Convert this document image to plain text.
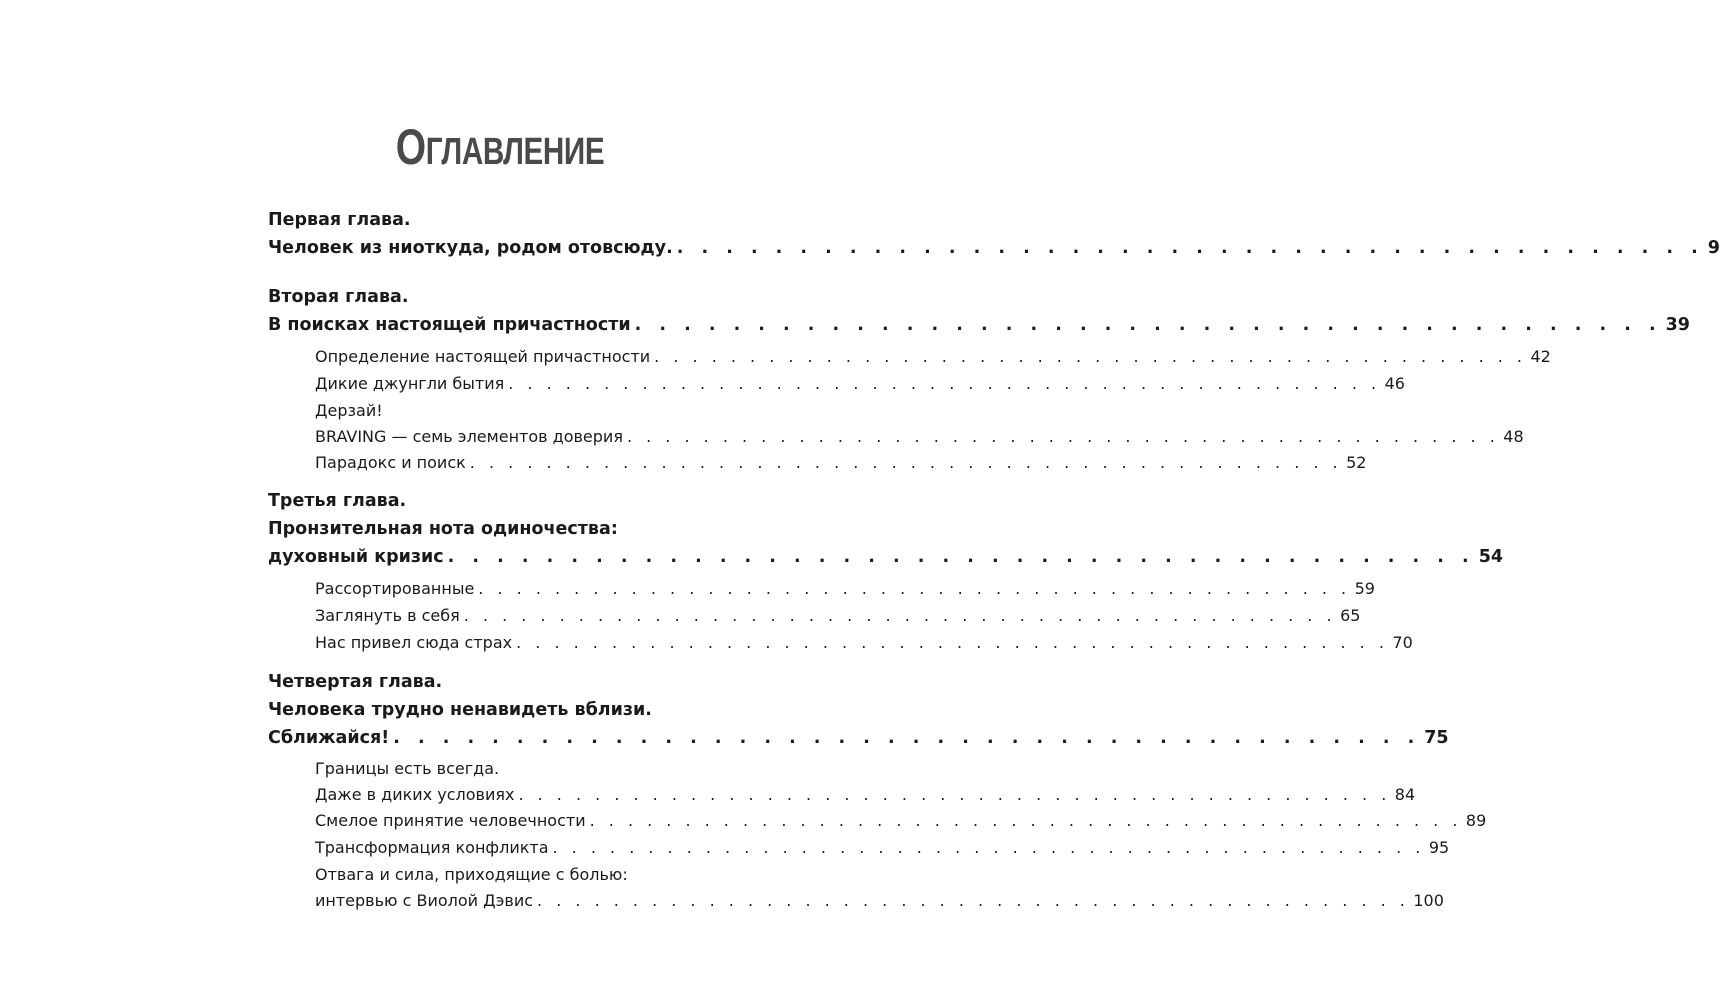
ОГЛАВЛЕНИЕ
Первая глава.
Человек из ниоткуда, родом отовсюду. . . . . . . . . . . . . . . . . . . . . . . . . . . . . . . . . . . . . . . . . . . 9
Вторая глава.
В поисках настоящей причастности . . . . . . . . . . . . . . . . . . . . . . . . . . . . . . . . . . . . . . . . . . 39
Определение настоящей причастности . . . . . . . . . . . . . . . . . . . . . . . . . . . . . . . . . . . . . . . . . . . . . . 42
Дикие джунгли бытия . . . . . . . . . . . . . . . . . . . . . . . . . . . . . . . . . . . . . . . . . . . . . . 46
Дерзай!
BRAVING — семь элементов доверия . . . . . . . . . . . . . . . . . . . . . . . . . . . . . . . . . . . . . . . . . . . . . . 48
Парадокс и поиск . . . . . . . . . . . . . . . . . . . . . . . . . . . . . . . . . . . . . . . . . . . . . . 52
Третья глава.
Пронзительная нота одиночества:
духовный кризис . . . . . . . . . . . . . . . . . . . . . . . . . . . . . . . . . . . . . . . . . . 54
Рассортированные . . . . . . . . . . . . . . . . . . . . . . . . . . . . . . . . . . . . . . . . . . . . . . 59
Заглянуть в себя . . . . . . . . . . . . . . . . . . . . . . . . . . . . . . . . . . . . . . . . . . . . . . 65
Нас привел сюда страх . . . . . . . . . . . . . . . . . . . . . . . . . . . . . . . . . . . . . . . . . . . . . . 70
Четвертая глава.
Человека трудно ненавидеть вблизи.
Сближайся! . . . . . . . . . . . . . . . . . . . . . . . . . . . . . . . . . . . . . . . . . . 75
Границы есть всегда.
Даже в диких условиях . . . . . . . . . . . . . . . . . . . . . . . . . . . . . . . . . . . . . . . . . . . . . . 84
Смелое принятие человечности . . . . . . . . . . . . . . . . . . . . . . . . . . . . . . . . . . . . . . . . . . . . . . 89
Трансформация конфликта . . . . . . . . . . . . . . . . . . . . . . . . . . . . . . . . . . . . . . . . . . . . . . 95
Отвага и сила, приходящие с болью:
интервью с Виолой Дэвис . . . . . . . . . . . . . . . . . . . . . . . . . . . . . . . . . . . . . . . . . . . . . . 100
